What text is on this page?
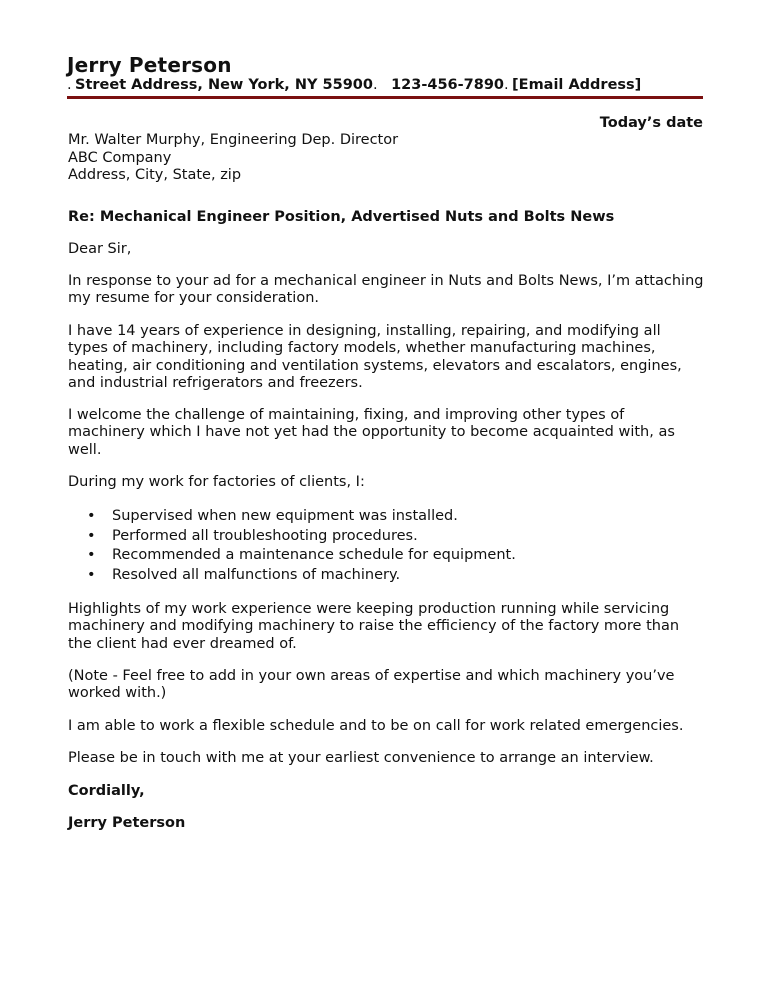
Jerry Peterson
. Street Address, New York, NY 55900. 123-456-7890. [Email Address]
Today’s date
Mr. Walter Murphy, Engineering Dep. Director
ABC Company
Address, City, State, zip
Re: Mechanical Engineer Position, Advertised Nuts and Bolts News
Dear Sir,
In response to your ad for a mechanical engineer in Nuts and Bolts News, I’m attaching my resume for your consideration.
I have 14 years of experience in designing, installing, repairing, and modifying all types of machinery, including factory models, whether manufacturing machines, heating, air conditioning and ventilation systems, elevators and escalators, engines, and industrial refrigerators and freezers.
I welcome the challenge of maintaining, fixing, and improving other types of machinery which I have not yet had the opportunity to become acquainted with, as well.
During my work for factories of clients, I:
• Supervised when new equipment was installed.
• Performed all troubleshooting procedures.
• Recommended a maintenance schedule for equipment.
• Resolved all malfunctions of machinery.
Highlights of my work experience were keeping production running while servicing machinery and modifying machinery to raise the efficiency of the factory more than the client had ever dreamed of.
(Note - Feel free to add in your own areas of expertise and which machinery you’ve worked with.)
I am able to work a flexible schedule and to be on call for work related emergencies.
Please be in touch with me at your earliest convenience to arrange an interview.
Cordially,
Jerry Peterson
